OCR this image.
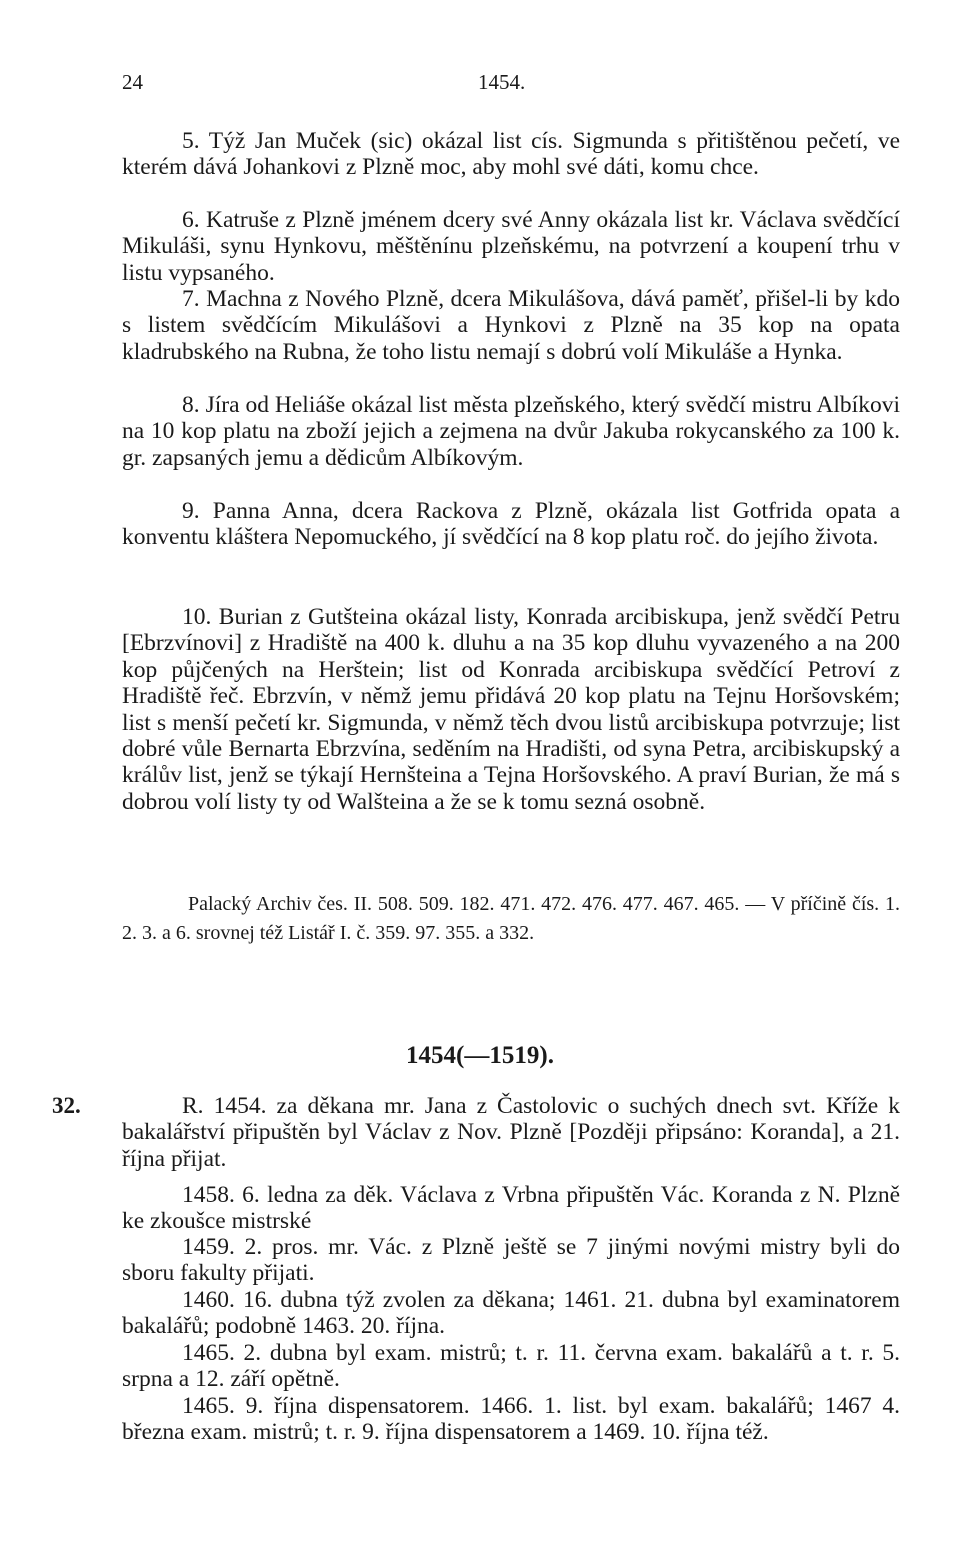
24	1454.

5. Týž Jan Muček (sic) okázal list cís. Sigmunda s přitištěnou pečetí, ve kterém dává Johankovi z Plzně moc, aby mohl své dáti, komu chce.

6. Katruše z Plzně jménem dcery své Anny okázala list kr. Václava svědčící Mikuláši, synu Hynkovu, měštěnínu plzeňskému, na potvrzení a koupení trhu v listu vypsaného.

7. Machna z Nového Plzně, dcera Mikulášova, dává paměť, přišel-li by kdo s listem svědčícím Mikulášovi a Hynkovi z Plzně na 35 kop na opata kladrubského na Rubna, že toho listu nemají s dobrú volí Mikuláše a Hynka.

8. Jíra od Heliáše okázal list města plzeňského, který svědčí mistru Albíkovi na 10 kop platu na zboží jejich a zejmena na dvůr Jakuba rokycanského za 100 k. gr. zapsaných jemu a dědicům Albíkovým.

9. Panna Anna, dcera Rackova z Plzně, okázala list Gotfrida opata a konventu kláštera Nepomuckého, jí svědčící na 8 kop platu roč. do jejího života.

10. Burian z Gutšteina okázal listy, Konrada arcibiskupa, jenž svědčí Petru [Ebrzvínovi] z Hradiště na 400 k. dluhu a na 35 kop dluhu vyvazeného a na 200 kop půjčených na Herštein; list od Konrada arcibiskupa svědčící Petroví z Hradiště řeč. Ebrzvín, v němž jemu přidává 20 kop platu na Tejnu Horšovském; list s menší pečetí kr. Sigmunda, v němž těch dvou listů arcibiskupa potvrzuje; list dobré vůle Bernarta Ebrzvína, seděním na Hradišti, od syna Petra, arcibiskupský a králův list, jenž se týkají Hernšteina a Tejna Horšovského. A praví Burian, že má s dobrou volí listy ty od Walšteina a že se k tomu sezná osobně.

Palacký Archiv čes. II. 508. 509. 182. 471. 472. 476. 477. 467. 465. — V příčině čís. 1. 2. 3. a 6. srovnej též Listář I. č. 359. 97. 355. a 332.

1454(—1519).
32.	R. 1454. za děkana mr. Jana z Častolovic o suchých dnech svt. Kříže k bakalářství připuštěn byl Václav z Nov. Plzně [Později připsáno: Koranda], a 21. října přijat.

1458. 6. ledna za děk. Václava z Vrbna připuštěn Vác. Koranda z N. Plzně ke zkoušce mistrské

1459. 2. pros. mr. Vác. z Plzně ještě se 7 jinými novými mistry byli do sboru fakulty přijati.

1460. 16. dubna týž zvolen za děkana; 1461. 21. dubna byl examinatorem bakalářů; podobně 1463. 20. října.

1465. 2. dubna byl exam. mistrů; t. r. 11. června exam. bakalářů a t. r. 5. srpna a 12. září opětně.

1465. 9. října dispensatorem. 1466. 1. list. byl exam. bakalářů; 1467 4. března exam. mistrů; t. r. 9. října dispensatorem a 1469. 10. října též.
